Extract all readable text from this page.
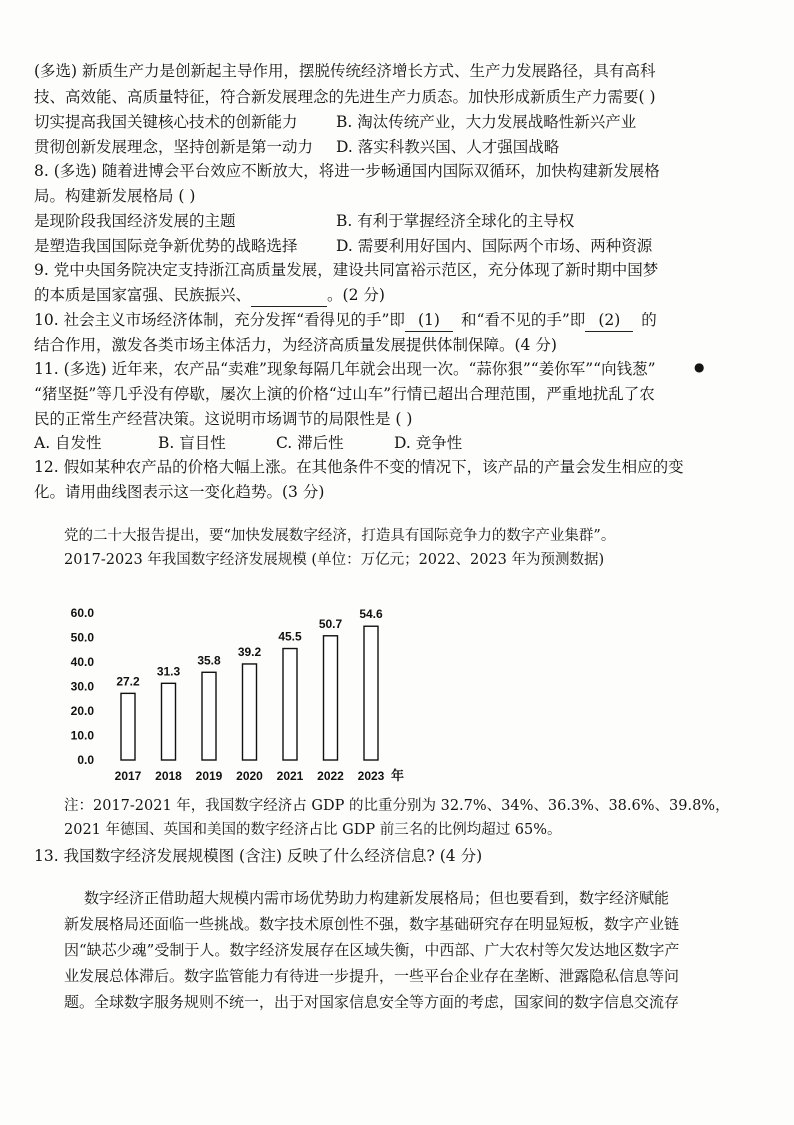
(多选) 新质生产力是创新起主导作用，摆脱传统经济增长方式、生产力发展路径，具有高科
技、高效能、高质量特征，符合新发展理念的先进生产力质态。加快形成新质生产力需要( )
切实提高我国关键核心技术的创新能力 B. 淘汰传统产业，大力发展战略性新兴产业
贯彻创新发展理念，坚持创新是第一动力 D. 落实科教兴国、人才强国战略
8. (多选) 随着进博会平台效应不断放大，将进一步畅通国内国际双循环，加快构建新发展格
局。构建新发展格局 ( )
是现阶段我国经济发展的主题	B. 有利于掌握经济全球化的主导权
是塑造我国国际竞争新优势的战略选择 D. 需要利用好国内、国际两个市场、两种资源
9. 党中央国务院决定支持浙江高质量发展，建设共同富裕示范区，充分体现了新时期中国梦
的本质是国家富强、民族振兴、	。(2 分)
10. 社会主义市场经济体制，充分发挥“看得见的手”即 (1) 和“看不见的手”即 (2) 的
结合作用，激发各类市场主体活力，为经济高质量发展提供体制保障。(4 分)
11. (多选) 近年来，农产品“卖难”现象每隔几年就会出现一次。“蒜你狠”“姜你军”“向钱葱”
“猪坚挺”等几乎没有停歇，屡次上演的价格“过山车”行情已超出合理范围，严重地扰乱了农
民的正常生产经营决策。这说明市场调节的局限性是 ( )
A. 自发性	B. 盲目性	C. 滞后性	D. 竞争性
12. 假如某种农产品的价格大幅上涨。在其他条件不变的情况下，该产品的产量会发生相应的变
化。请用曲线图表示这一变化趋势。(3 分)
党的二十大报告提出，要“加快发展数字经济，打造具有国际竞争力的数字产业集群”。
2017-2023 年我国数字经济发展规模 (单位：万亿元；2022、2023 年为预测数据)
0.0
10.0
20.0
30.0
40.0
50.0
60.0
27.2
31.3
35.8
39.2
45.5
50.7
54.6
2017 2018 2019 2020 2021 2022 2023 年
注：2017-2021 年，我国数字经济占 GDP 的比重分别为 32.7%、34%、36.3%、38.6%、39.8%，
2021 年德国、英国和美国的数字经济占比 GDP 前三名的比例均超过 65%。
13. 我国数字经济发展规模图 (含注) 反映了什么经济信息? (4 分)
数字经济正借助超大规模内需市场优势助力构建新发展格局；但也要看到，数字经济赋能
新发展格局还面临一些挑战。数字技术原创性不强，数字基础研究存在明显短板，数字产业链
因“缺芯少魂”受制于人。数字经济发展存在区域失衡，中西部、广大农村等欠发达地区数字产
业发展总体滞后。数字监管能力有待进一步提升，一些平台企业存在垄断、泄露隐私信息等问
题。全球数字服务规则不统一，出于对国家信息安全等方面的考虑，国家间的数字信息交流存
●
